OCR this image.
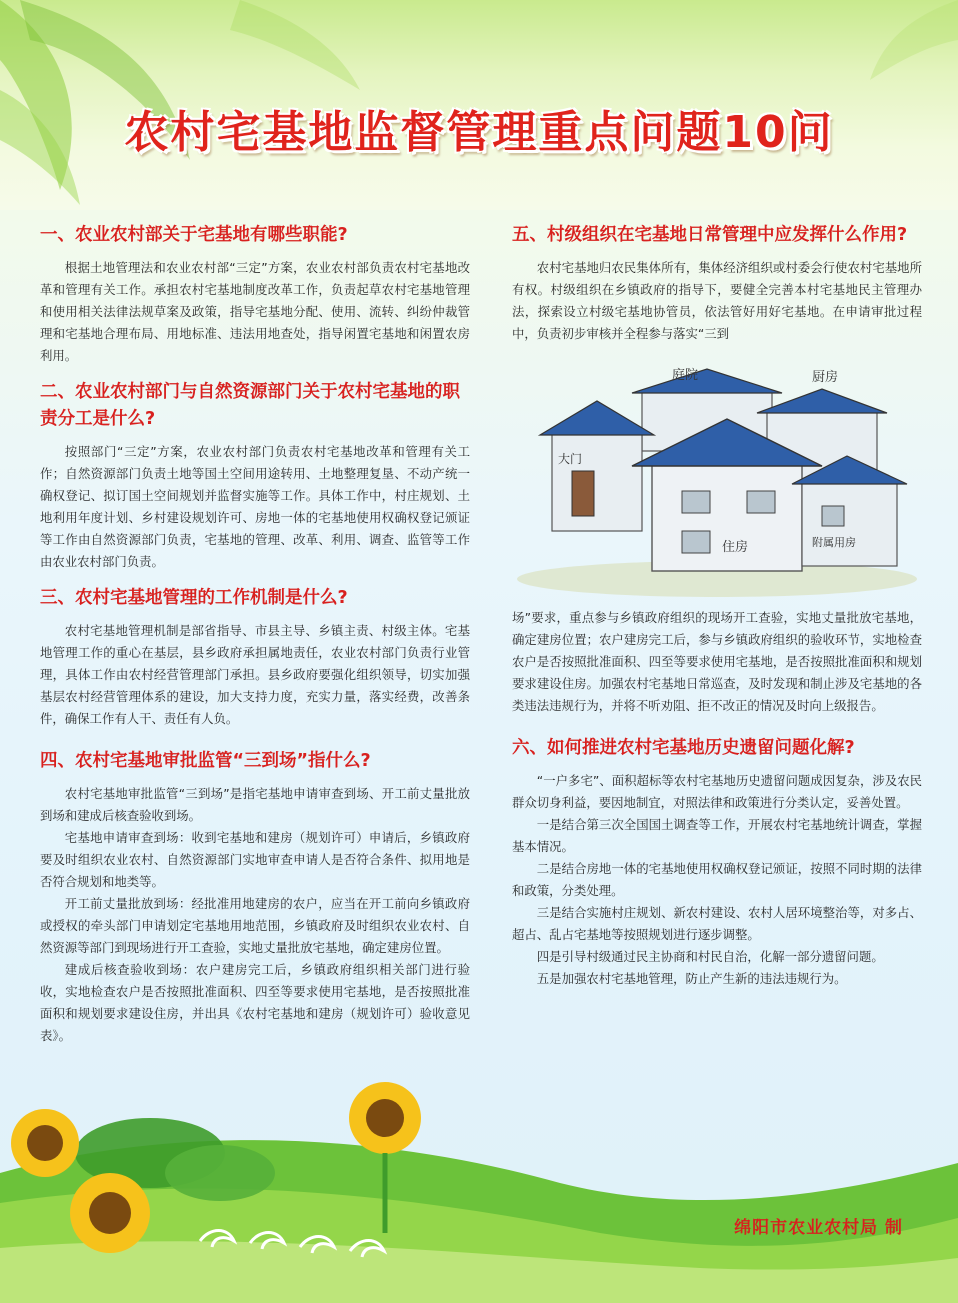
农村宅基地监督管理重点问题10问
一、农业农村部关于宅基地有哪些职能?

根据土地管理法和农业农村部“三定”方案，农业农村部负责农村宅基地改革和管理有关工作。承担农村宅基地制度改革工作，负责起草农村宅基地管理和使用相关法律法规草案及政策，指导宅基地分配、使用、流转、纠纷仲裁管理和宅基地合理布局、用地标准、违法用地查处，指导闲置宅基地和闲置农房利用。

二、农业农村部门与自然资源部门关于农村宅基地的职责分工是什么?

按照部门“三定”方案，农业农村部门负责农村宅基地改革和管理有关工作；自然资源部门负责土地等国土空间用途转用、土地整理复垦、不动产统一确权登记、拟订国土空间规划并监督实施等工作。具体工作中，村庄规划、土地利用年度计划、乡村建设规划许可、房地一体的宅基地使用权确权登记颁证等工作由自然资源部门负责，宅基地的管理、改革、利用、调查、监管等工作由农业农村部门负责。

三、农村宅基地管理的工作机制是什么?

农村宅基地管理机制是部省指导、市县主导、乡镇主责、村级主体。宅基地管理工作的重心在基层，县乡政府承担属地责任，农业农村部门负责行业管理，具体工作由农村经营管理部门承担。县乡政府要强化组织领导，切实加强基层农村经营管理体系的建设，加大支持力度，充实力量，落实经费，改善条件，确保工作有人干、责任有人负。

四、农村宅基地审批监管“三到场”指什么?

农村宅基地审批监管“三到场”是指宅基地申请审查到场、开工前丈量批放到场和建成后核查验收到场。

宅基地申请审查到场：收到宅基地和建房（规划许可）申请后，乡镇政府要及时组织农业农村、自然资源部门实地审查申请人是否符合条件、拟用地是否符合规划和地类等。

开工前丈量批放到场：经批准用地建房的农户，应当在开工前向乡镇政府或授权的牵头部门申请划定宅基地用地范围，乡镇政府及时组织农业农村、自然资源等部门到现场进行开工查验，实地丈量批放宅基地，确定建房位置。

建成后核查验收到场：农户建房完工后，乡镇政府组织相关部门进行验收，实地检查农户是否按照批准面积、四至等要求使用宅基地，是否按照批准面积和规划要求建设住房，并出具《农村宅基地和建房（规划许可）验收意见表》。

五、村级组织在宅基地日常管理中应发挥什么作用?

农村宅基地归农民集体所有，集体经济组织或村委会行使农村宅基地所有权。村级组织在乡镇政府的指导下，要健全完善本村宅基地民主管理办法，探索设立村级宅基地协管员，依法管好用好宅基地。在申请审批过程中，负责初步审核并全程参与落实“三到

庭院	厨房
大门
住房	附属用房

场”要求，重点参与乡镇政府组织的现场开工查验，实地丈量批放宅基地，确定建房位置；农户建房完工后，参与乡镇政府组织的验收环节，实地检查农户是否按照批准面积、四至等要求使用宅基地，是否按照批准面积和规划要求建设住房。加强农村宅基地日常巡查，及时发现和制止涉及宅基地的各类违法违规行为，并将不听劝阻、拒不改正的情况及时向上级报告。

六、如何推进农村宅基地历史遗留问题化解?

“一户多宅”、面积超标等农村宅基地历史遗留问题成因复杂，涉及农民群众切身利益，要因地制宜，对照法律和政策进行分类认定，妥善处置。

一是结合第三次全国国土调查等工作，开展农村宅基地统计调查，掌握基本情况。

二是结合房地一体的宅基地使用权确权登记颁证，按照不同时期的法律和政策，分类处理。

三是结合实施村庄规划、新农村建设、农村人居环境整治等，对多占、超占、乱占宅基地等按照规划进行逐步调整。

四是引导村级通过民主协商和村民自治，化解一部分遗留问题。

五是加强农村宅基地管理，防止产生新的违法违规行为。

绵阳市农业农村局 制
